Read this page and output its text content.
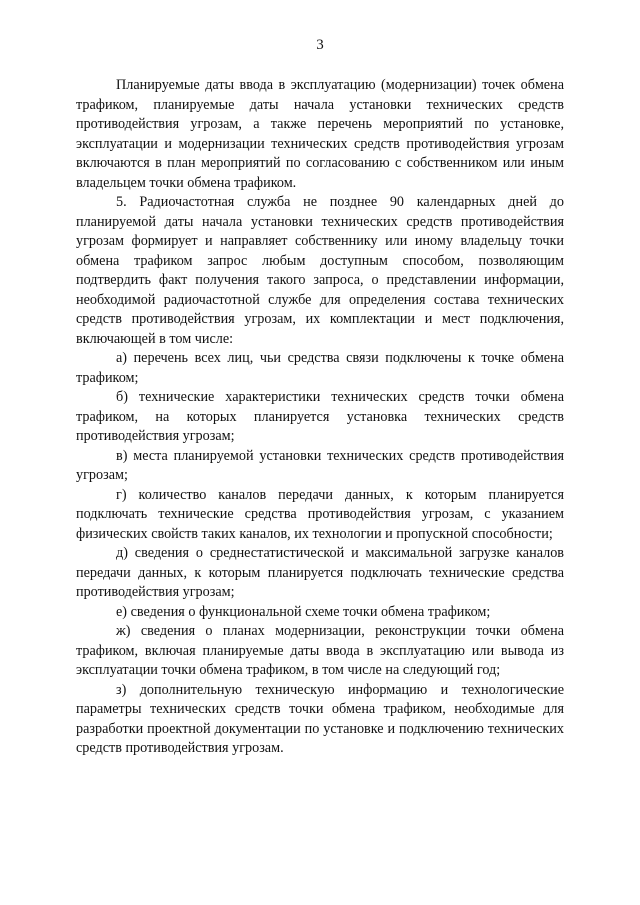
3

Планируемые даты ввода в эксплуатацию (модернизации) точек обмена трафиком, планируемые даты начала установки технических средств противодействия угрозам, а также перечень мероприятий по установке, эксплуатации и модернизации технических средств противодействия угрозам включаются в план мероприятий по согласованию с собственником или иным владельцем точки обмена трафиком.

5. Радиочастотная служба не позднее 90 календарных дней до планируемой даты начала установки технических средств противодействия угрозам формирует и направляет собственнику или иному владельцу точки обмена трафиком запрос любым доступным способом, позволяющим подтвердить факт получения такого запроса, о представлении информации, необходимой радиочастотной службе для определения состава технических средств противодействия угрозам, их комплектации и мест подключения, включающей в том числе:

а) перечень всех лиц, чьи средства связи подключены к точке обмена трафиком;

б) технические характеристики технических средств точки обмена трафиком, на которых планируется установка технических средств противодействия угрозам;

в) места планируемой установки технических средств противодействия угрозам;

г) количество каналов передачи данных, к которым планируется подключать технические средства противодействия угрозам, с указанием физических свойств таких каналов, их технологии и пропускной способности;

д) сведения о среднестатистической и максимальной загрузке каналов передачи данных, к которым планируется подключать технические средства противодействия угрозам;

е) сведения о функциональной схеме точки обмена трафиком;

ж) сведения о планах модернизации, реконструкции точки обмена трафиком, включая планируемые даты ввода в эксплуатацию или вывода из эксплуатации точки обмена трафиком, в том числе на следующий год;

з) дополнительную техническую информацию и технологические параметры технических средств точки обмена трафиком, необходимые для разработки проектной документации по установке и подключению технических средств противодействия угрозам.
